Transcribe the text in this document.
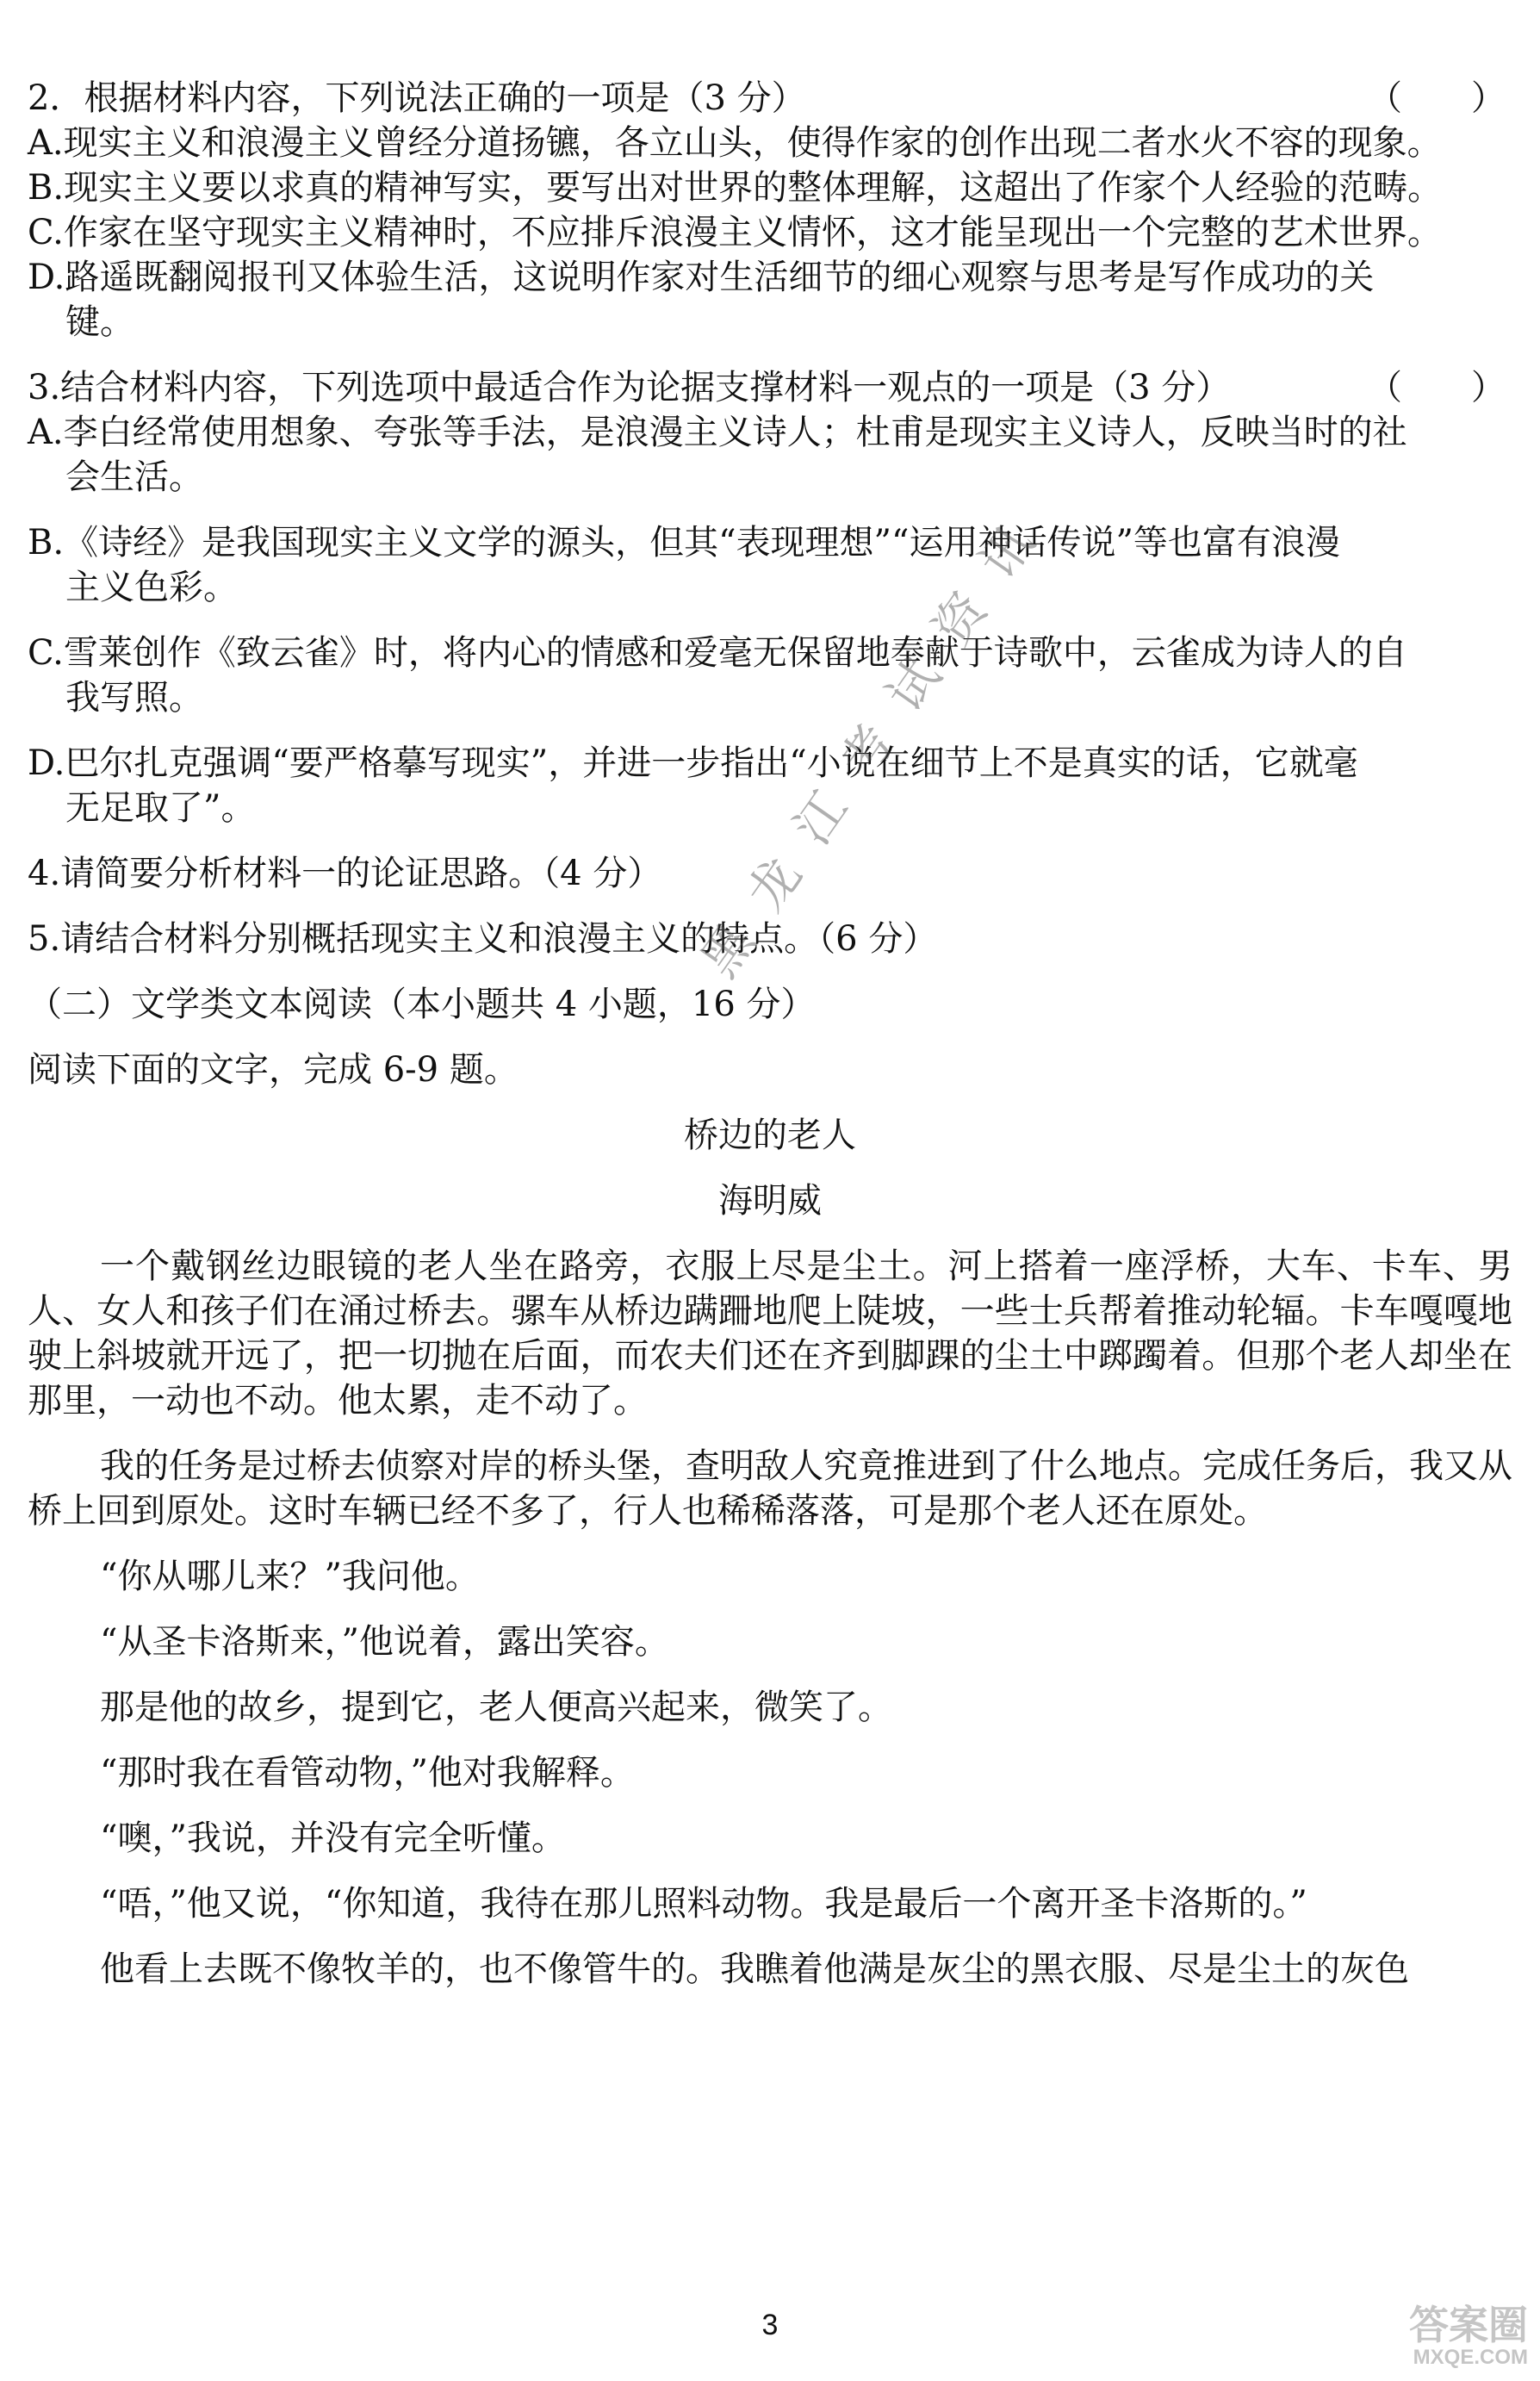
2．根据材料内容，下列说法正确的一项是（3 分）	（　　）
A.现实主义和浪漫主义曾经分道扬镳，各立山头，使得作家的创作出现二者水火不容的现象。
B.现实主义要以求真的精神写实，要写出对世界的整体理解，这超出了作家个人经验的范畴。
C.作家在坚守现实主义精神时，不应排斥浪漫主义情怀，这才能呈现出一个完整的艺术世界。
D.路遥既翻阅报刊又体验生活，这说明作家对生活细节的细心观察与思考是写作成功的关
键。
3.结合材料内容，下列选项中最适合作为论据支撑材料一观点的一项是（3 分）	（　　）
A.李白经常使用想象、夸张等手法，是浪漫主义诗人；杜甫是现实主义诗人，反映当时的社
会生活。
B.《诗经》是我国现实主义文学的源头，但其“表现理想”“运用神话传说”等也富有浪漫
主义色彩。
C.雪莱创作《致云雀》时，将内心的情感和爱毫无保留地奉献于诗歌中，云雀成为诗人的自
我写照。
D.巴尔扎克强调“要严格摹写现实”，并进一步指出“小说在细节上不是真实的话，它就毫
无足取了”。
4.请简要分析材料一的论证思路。（4 分）
5.请结合材料分别概括现实主义和浪漫主义的特点。（6 分）
（二）文学类文本阅读（本小题共 4 小题，16 分）
阅读下面的文字，完成 6-9 题。
桥边的老人
海明威

一个戴钢丝边眼镜的老人坐在路旁，衣服上尽是尘土。河上搭着一座浮桥，大车、卡车、男人、女人和孩子们在涌过桥去。骡车从桥边蹒跚地爬上陡坡，一些士兵帮着推动轮辐。卡车嘎嘎地驶上斜坡就开远了，把一切抛在后面，而农夫们还在齐到脚踝的尘土中踯躅着。但那个老人却坐在那里，一动也不动。他太累，走不动了。

我的任务是过桥去侦察对岸的桥头堡，查明敌人究竟推进到了什么地点。完成任务后，我又从桥上回到原处。这时车辆已经不多了，行人也稀稀落落，可是那个老人还在原处。

“你从哪儿来？”我问他。
“从圣卡洛斯来，”他说着，露出笑容。
那是他的故乡，提到它，老人便高兴起来，微笑了。
“那时我在看管动物，”他对我解释。
“噢，”我说，并没有完全听懂。
“唔，”他又说，“你知道，我待在那儿照料动物。我是最后一个离开圣卡洛斯的。”
他看上去既不像牧羊的，也不像管牛的。我瞧着他满是灰尘的黑衣服、尽是尘土的灰色
黑龙江考试资讯
3	答案圈
MXQE.COM
